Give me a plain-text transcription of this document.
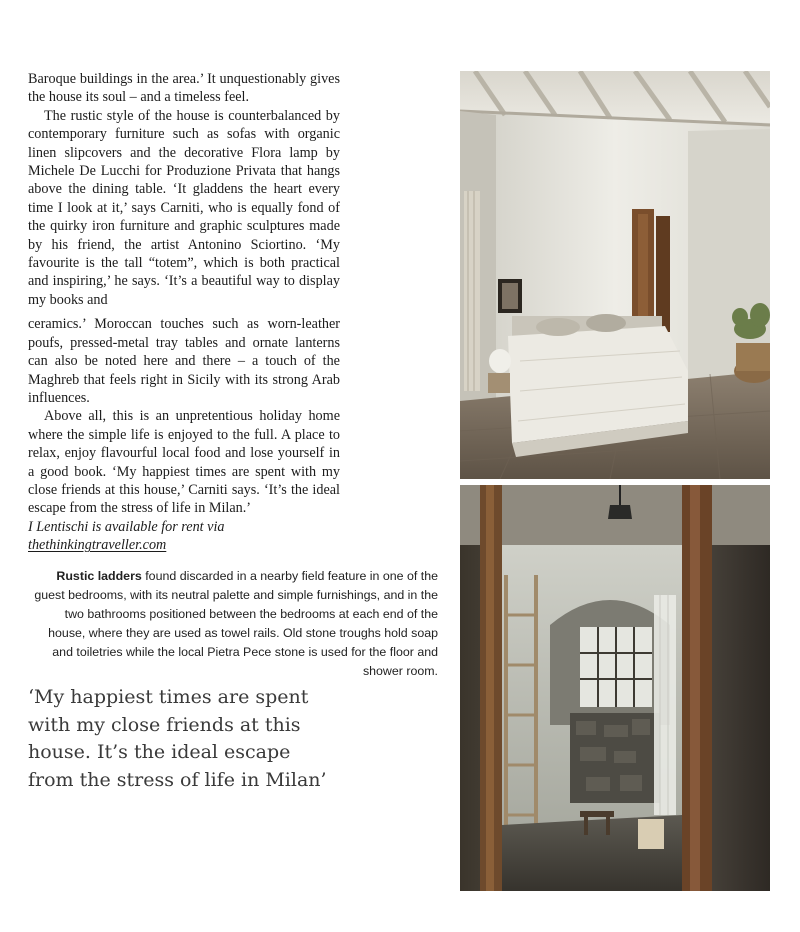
Baroque buildings in the area.’ It unquestionably gives the house its soul – and a timeless feel.

The rustic style of the house is counterbalanced by contemporary furniture such as sofas with organic linen slipcovers and the decorative Flora lamp by Michele De Lucchi for Produzione Privata that hangs above the dining table. ‘It gladdens the heart every time I look at it,’ says Carniti, who is equally fond of the quirky iron furniture and graphic sculptures made by his friend, the artist Antonino Sciortino. ‘My favourite is the tall “totem”, which is both practical and inspiring,’ he says. ‘It’s a beautiful way to display my books and

ceramics.’ Moroccan touches such as worn-leather poufs, pressed-metal tray tables and ornate lanterns can also be noted here and there – a touch of the Maghreb that feels right in Sicily with its strong Arab influences.

Above all, this is an unpretentious holiday home where the simple life is enjoyed to the full. A place to relax, enjoy flavourful local food and lose yourself in a good book. ‘My happiest times are spent with my close friends at this house,’ Carniti says. ‘It’s the ideal escape from the stress of life in Milan.’

I Lentischi is available for rent via
thethinkingtraveller.com

Rustic ladders found discarded in a nearby field feature in one of the guest bedrooms, with its neutral palette and simple furnishings, and in the two bathrooms positioned between the bedrooms at each end of the house, where they are used as towel rails. Old stone troughs hold soap and toiletries while the local Pietra Pece stone is used for the floor and shower room.
‘My happiest times are spent with my close friends at this house. It’s the ideal escape from the stress of life in Milan’
